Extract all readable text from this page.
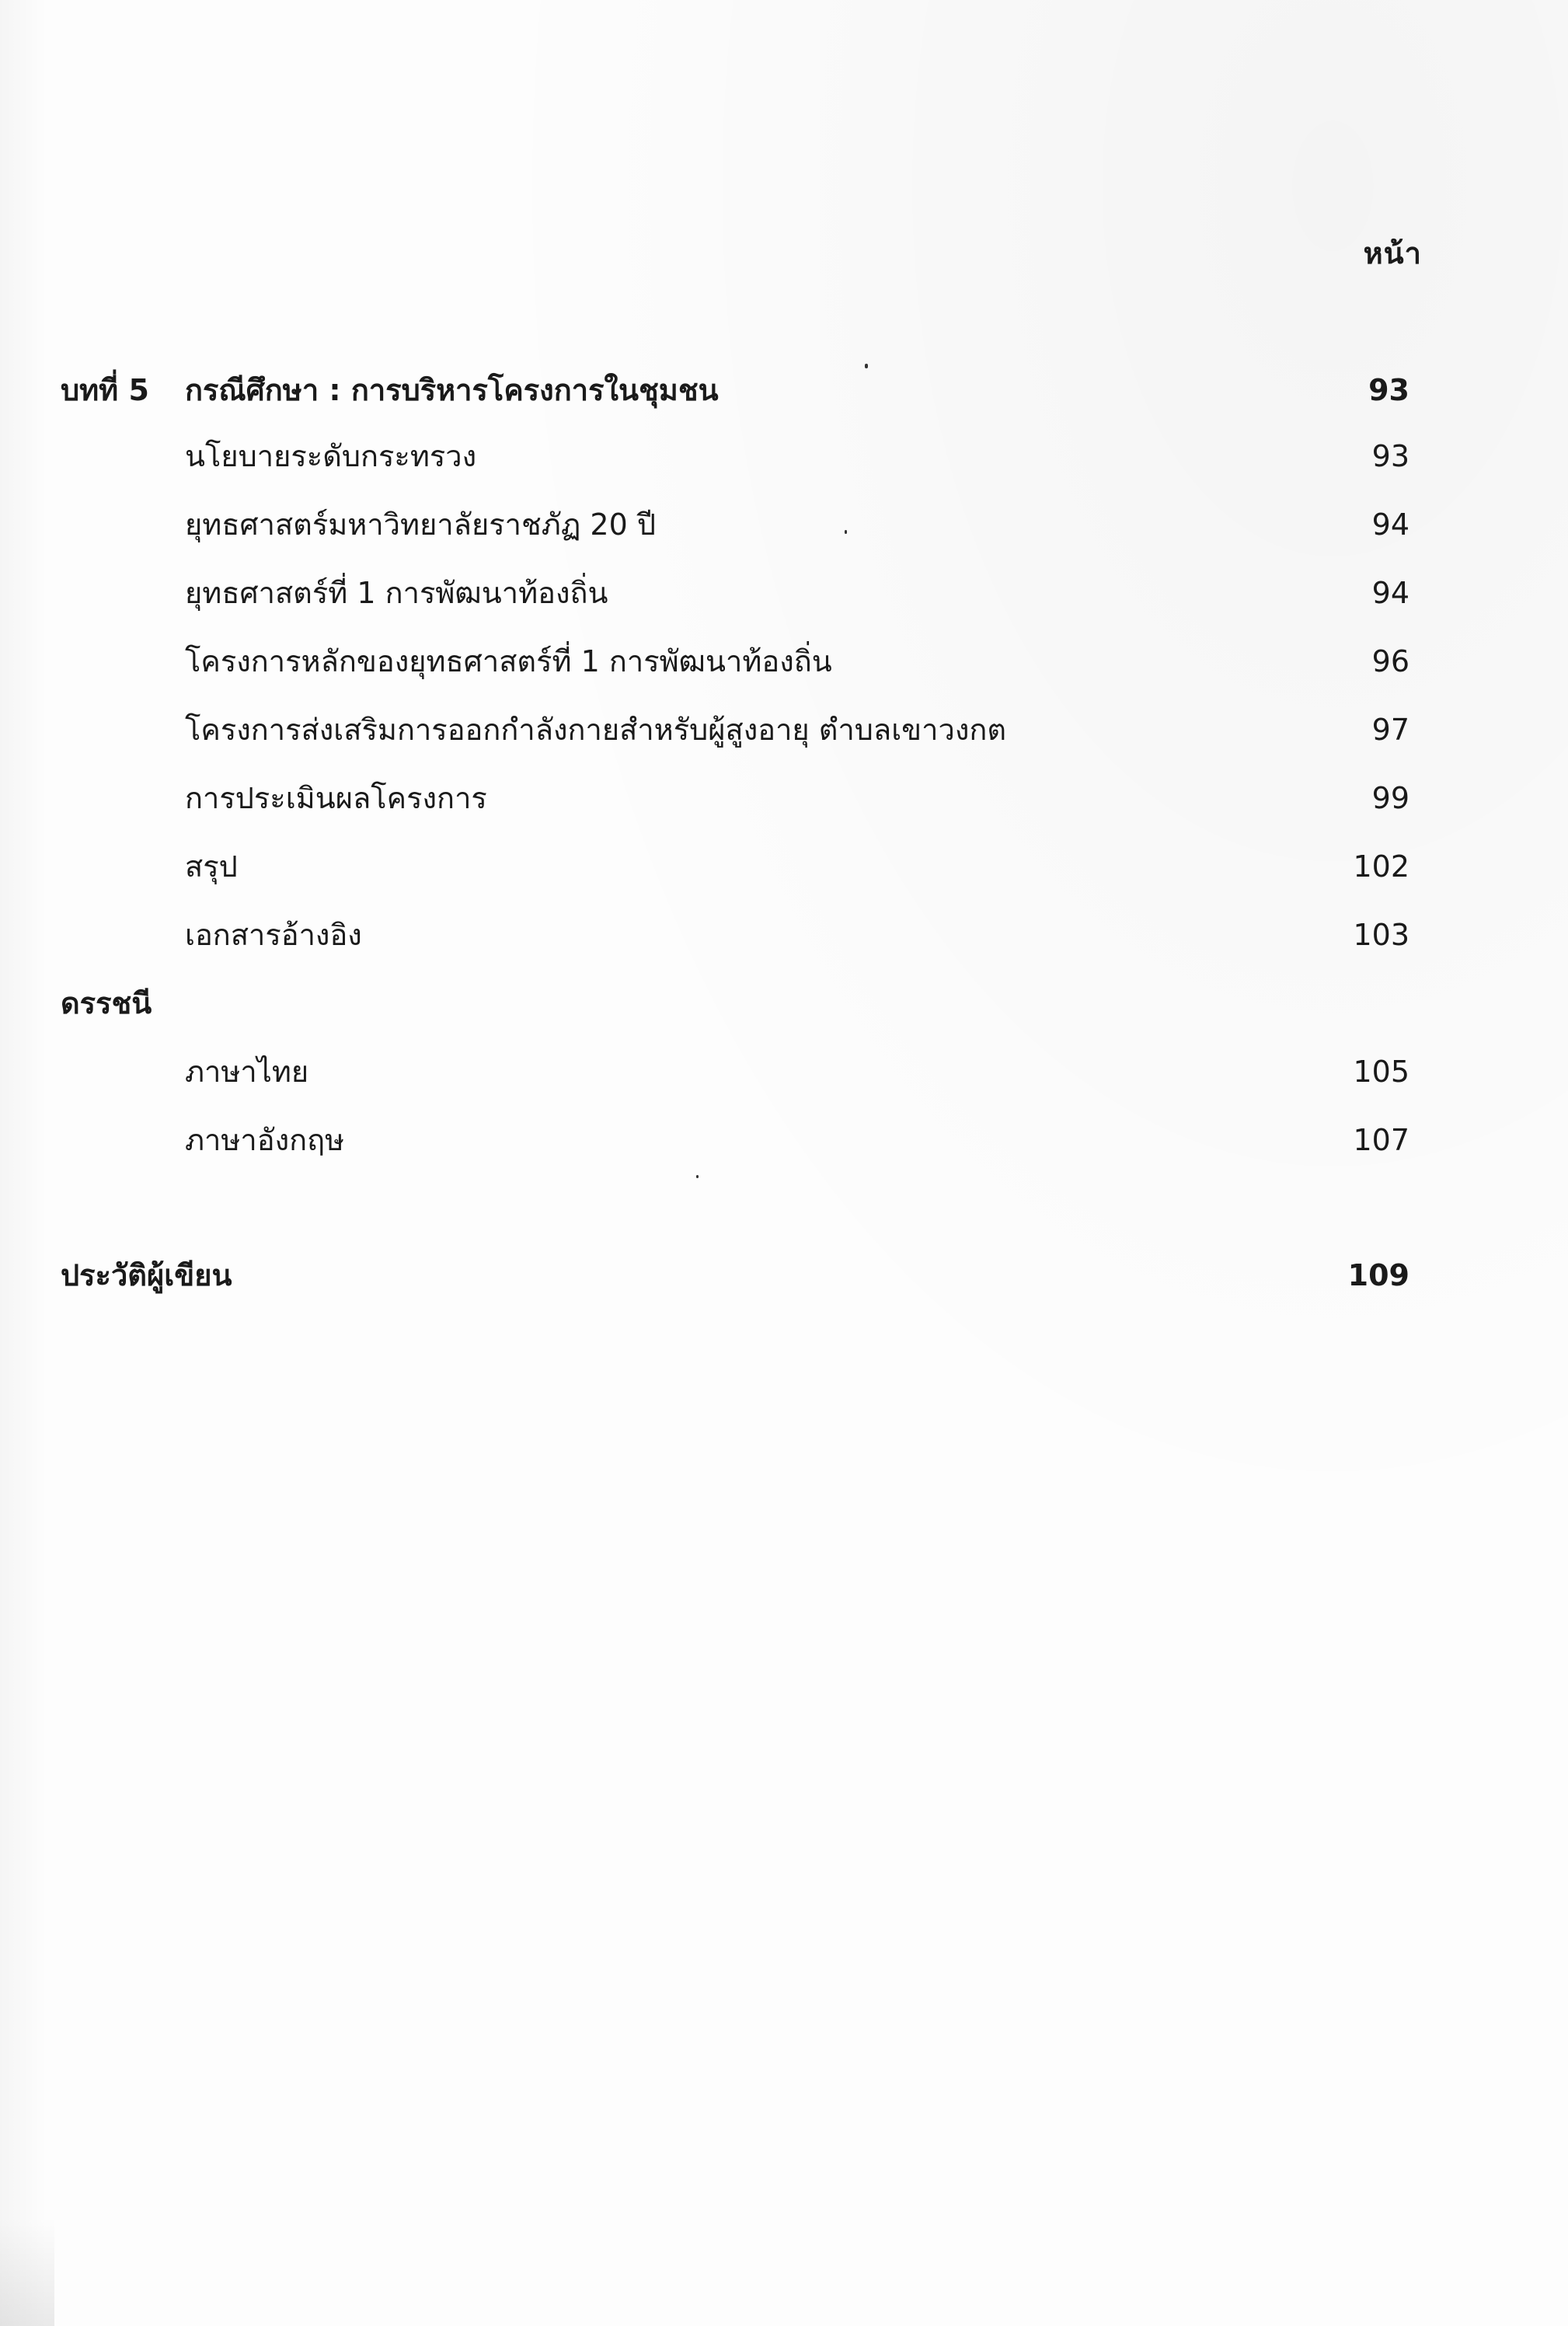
หน้า
บทที่ 5 กรณีศึกษา : การบริหารโครงการในชุมชน	93
นโยบายระดับกระทรวง	93
ยุทธศาสตร์มหาวิทยาลัยราชภัฏ 20 ปี	94
ยุทธศาสตร์ที่ 1 การพัฒนาท้องถิ่น	94
โครงการหลักของยุทธศาสตร์ที่ 1 การพัฒนาท้องถิ่น	96
โครงการส่งเสริมการออกกำลังกายสำหรับผู้สูงอายุ ตำบลเขาวงกต	97
การประเมินผลโครงการ	99
สรุป	102
เอกสารอ้างอิง	103
ดรรชนี
ภาษาไทย	105
ภาษาอังกฤษ	107
ประวัติผู้เขียน	109
